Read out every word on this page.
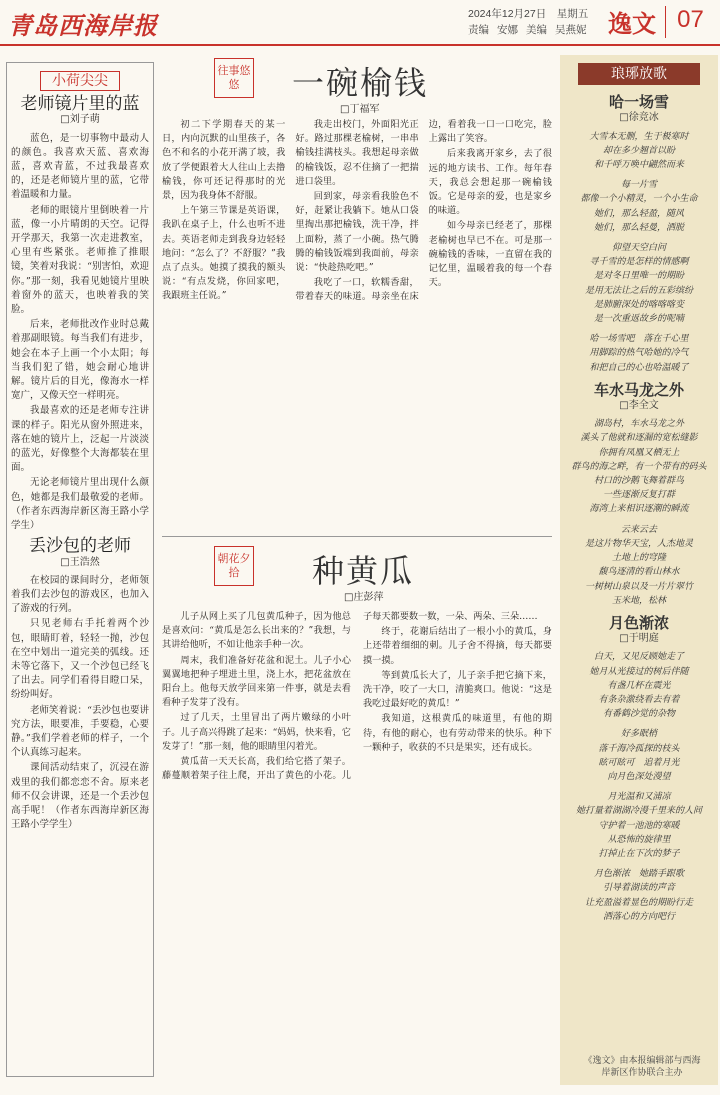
青岛西海岸报	2024年12月27日　星期五
责编 安娜 美编 吴燕妮 逸文 07
小荷尖尖
老师镜片里的蓝
□刘子萌

蓝色，是一切事物中最动人的颜色。我喜欢天蓝、喜欢海蓝，喜欢青蓝，不过我最喜欢的，还是老师镜片里的蓝，它带着温暖和力量。

老师的眼镜片里倒映着一片蓝，像一小片晴朗的天空。记得开学那天，我第一次走进教室，心里有些紧张。老师推了推眼镜，笑着对我说：“别害怕，欢迎你。”那一刻，我看见她镜片里映着窗外的蓝天，也映着我的笑脸。

后来，老师批改作业时总戴着那副眼镜。每当我们有进步，她会在本子上画一个小太阳；每当我们犯了错，她会耐心地讲解。镜片后的目光，像海水一样宽广，又像天空一样明亮。

我最喜欢的还是老师专注讲课的样子。阳光从窗外照进来，落在她的镜片上，泛起一片淡淡的蓝光，好像整个大海都装在里面。

无论老师镜片里出现什么颜色，她都是我们最敬爱的老师。（作者东西海岸新区海王路小学学生）

丢沙包的老师
□王浩然

在校园的课间时分，老师领着我们去沙包的游戏区，也加入了游戏的行列。

只见老师右手托着两个沙包，眼睛盯着，轻轻一抛，沙包在空中划出一道完美的弧线。还未等它落下，又一个沙包已经飞了出去。同学们看得目瞪口呆，纷纷叫好。

老师笑着说：“丢沙包也要讲究方法，眼要准，手要稳，心要静。”我们学着老师的样子，一个个认真练习起来。

课间活动结束了，沉浸在游戏里的我们都恋恋不舍。原来老师不仅会讲课，还是一个丢沙包高手呢！（作者东西海岸新区海王路小学学生）

往事悠悠	一碗榆钱
□丁福军

初二下学期春天的某一日，内向沉默的山里孩子，各色不和名的小花开满了坡，我放了学便跟着大人往山上去撸榆钱，你可还记得那时的光景，因为我身体不舒服。

上午第三节课是英语课，我趴在桌子上，什么也听不进去。英语老师走到我身边轻轻地问：“怎么了？不舒服？”我点了点头。她摸了摸我的额头说：“有点发烧，你回家吧，我跟班主任说。”

我走出校门，外面阳光正好。路过那棵老榆树，一串串榆钱挂满枝头。我想起母亲做的榆钱饭，忍不住摘了一把揣进口袋里。

回到家，母亲看我脸色不好，赶紧让我躺下。她从口袋里掏出那把榆钱，洗干净，拌上面粉，蒸了一小碗。热气腾腾的榆钱饭端到我面前，母亲说：“快趁热吃吧。”

我吃了一口，软糯香甜，带着春天的味道。母亲坐在床边，看着我一口一口吃完，脸上露出了笑容。

后来我离开家乡，去了很远的地方读书、工作。每年春天，我总会想起那一碗榆钱饭。它是母亲的爱，也是家乡的味道。

如今母亲已经老了，那棵老榆树也早已不在。可是那一碗榆钱的香味，一直留在我的记忆里，温暖着我的每一个春天。

朝花夕拾	种黄瓜
□庄彭萍

儿子从网上买了几包黄瓜种子，因为他总是喜欢问：“黄瓜是怎么长出来的？”我想，与其讲给他听，不如让他亲手种一次。

周末，我们准备好花盆和泥土。儿子小心翼翼地把种子埋进土里，浇上水，把花盆放在阳台上。他每天放学回来第一件事，就是去看看种子发芽了没有。

过了几天，土里冒出了两片嫩绿的小叶子。儿子高兴得跳了起来：“妈妈，快来看，它发芽了！”那一刻，他的眼睛里闪着光。

黄瓜苗一天天长高，我们给它搭了架子。藤蔓顺着架子往上爬，开出了黄色的小花。儿子每天都要数一数，一朵、两朵、三朵……

终于，花谢后结出了一根小小的黄瓜，身上还带着细细的刺。儿子舍不得摘，每天都要摸一摸。

等到黄瓜长大了，儿子亲手把它摘下来，洗干净，咬了一大口，清脆爽口。他说：“这是我吃过最好吃的黄瓜！”

我知道，这根黄瓜的味道里，有他的期待，有他的耐心，也有劳动带来的快乐。种下一颗种子，收获的不只是果实，还有成长。

琅琊放歌
哈一场雪
□徐竞冰
大雪本无删，生于极寒时
却在多少翘首以盼
和千呼万唤中翩然而来
每一片雪
都像一个小精灵，一个小生命
她们，那么轻盈，随风
她们，那么轻曼，洒脱
仰望天空白问
寻千雪的是怎样的情感啊
是对冬日里唯一的期盼
是用无法让之后的五彩缤纷
是肺腑深处的喀喀喀变
是一次重返故乡的呢喃
哈一场雪吧　落在千心里
用脚踪的热气哈她的冷气
和把自己的心也哈温暖了
车水马龙之外
□李全文
湖岛村，车水马龙之外
溪头了他就和逐漏的宽松缝影
你拥有凤凰又栖无上
群鸟的海之畔，有一个带有的码头
村口的沙鹅飞舞着群鸟
一些逐渐反复打群
海湾上来相识逐潮的瞬流
云来云去
是这片物华天宝，人杰地灵
土地上的穹隆
馥鸟逐清的看山林水
一树树山泉以及一片片翠竹
玉米地，松林
月色渐浓
□于明庭
白天，又见反顾她走了
她月从光接过的树后伴随
有盏几杯在震光
有条杂激绕看去有着
有番鹤沙觉的杂物
好多眠梢
落千海冷孤探的枝头
眩可眩可　追着月光
向月色深处漫望
月光温和又浦凉
她打量着湖湖冷漫千里来的人间
守护着一池池的寒暖
从恐怖的旋律里
打掉止在下次的梦子
月色渐浓　她踏手跟歌
引导着湖读的声音
让充盈溢着显色的期盼行走
洒落心的方向吧行
《逸文》由本报编辑部与西海岸新区作协联合主办
